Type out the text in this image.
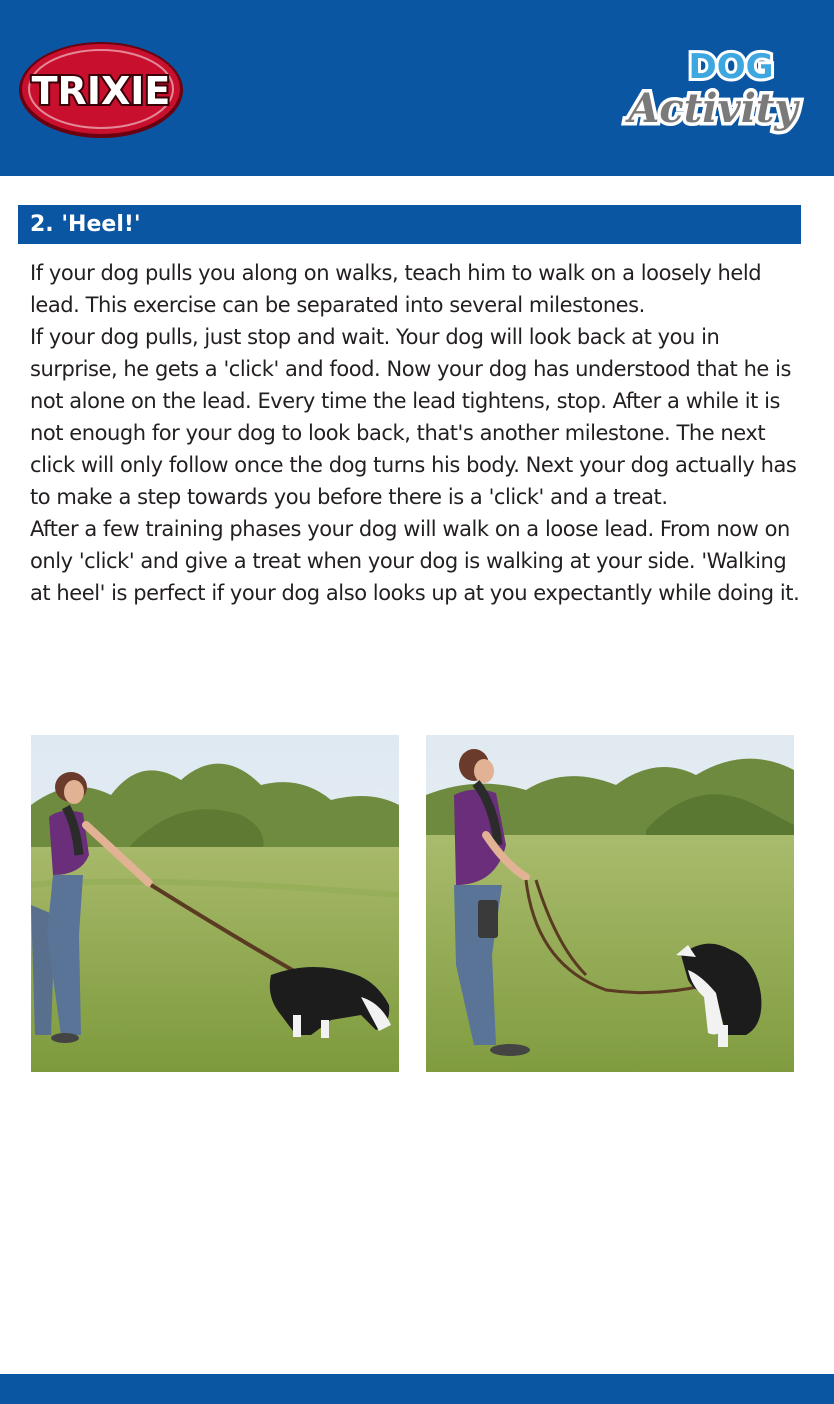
TRIXIE
DOG
Activity
2. 'Heel!'

If your dog pulls you along on walks, teach him to walk on a loosely held lead. This exercise can be separated into several milestones.

If your dog pulls, just stop and wait. Your dog will look back at you in surprise, he gets a 'click' and food. Now your dog has understood that he is not alone on the lead. Every time the lead tightens, stop. After a while it is not enough for your dog to look back, that's another milestone. The next click will only follow once the dog turns his body. Next your dog actually has to make a step towards you before there is a 'click' and a treat.

After a few training phases your dog will walk on a loose lead. From now on only 'click' and give a treat when your dog is walking at your side. 'Walking at heel' is perfect if your dog also looks up at you expectantly while doing it.
